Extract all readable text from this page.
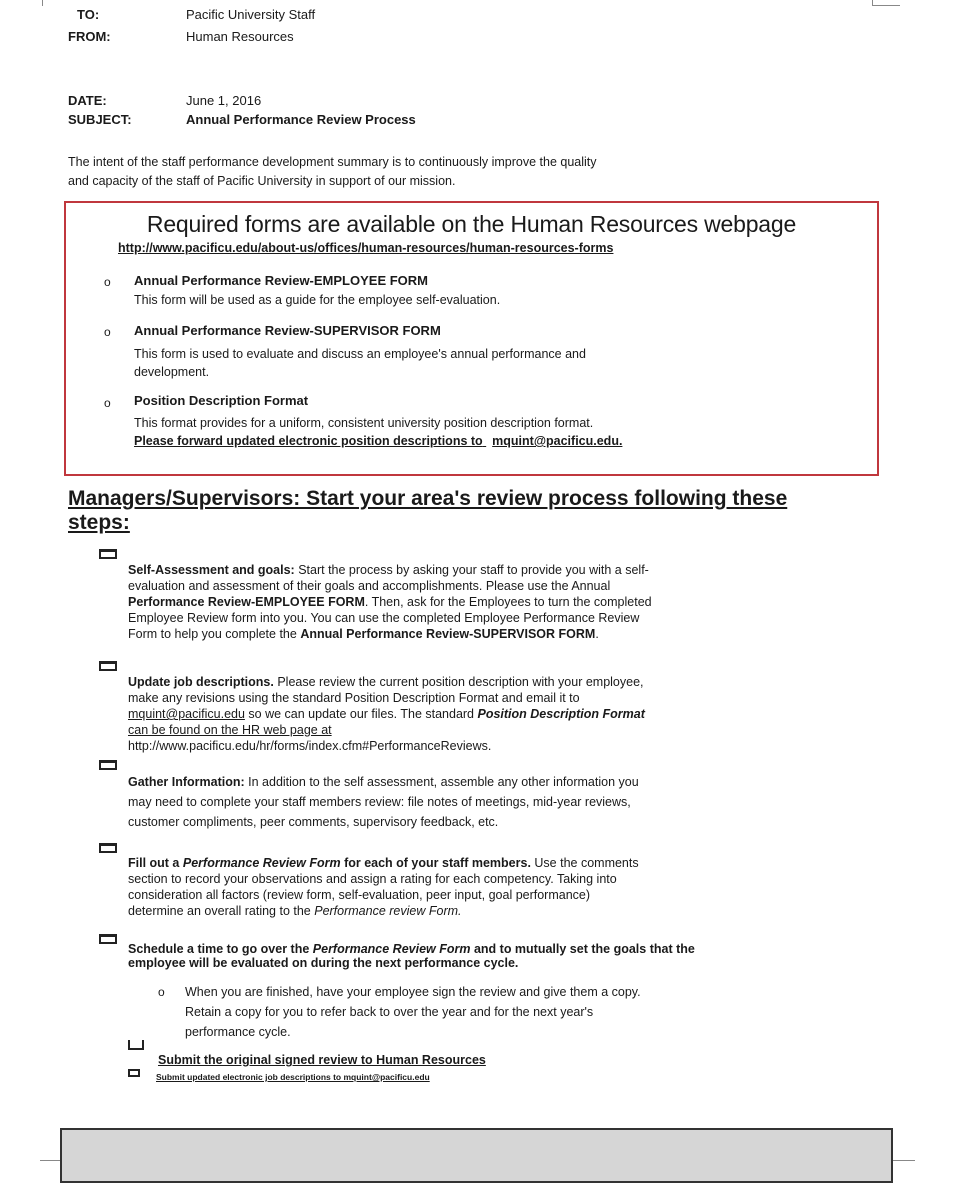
TO:	Pacific University Staff
FROM:	Human Resources
DATE:	June 1, 2016
SUBJECT:	Annual Performance Review Process
The intent of the staff performance development summary is to continuously improve the quality
and capacity of the staff of Pacific University in support of our mission.
Required forms are available on the Human Resources webpage
http://www.pacificu.edu/about-us/offices/human-resources/human-resources-forms
o Annual Performance Review-EMPLOYEE FORM
This form will be used as a guide for the employee self-evaluation.
o Annual Performance Review-SUPERVISOR FORM
This form is used to evaluate and discuss an employee's annual performance and
development.
o Position Description Format
This format provides for a uniform, consistent university position description format.
Please forward updated electronic position descriptions to mquint@pacificu.edu.
Managers/Supervisors: Start your area's review process following these
steps:
Self-Assessment and goals: Start the process by asking your staff to provide you with a self-
evaluation and assessment of their goals and accomplishments. Please use the Annual
Performance Review-EMPLOYEE FORM. Then, ask for the Employees to turn the completed
Employee Review form into you. You can use the completed Employee Performance Review
Form to help you complete the Annual Performance Review-SUPERVISOR FORM.
Update job descriptions. Please review the current position description with your employee,
make any revisions using the standard Position Description Format and email it to
mquint@pacificu.edu so we can update our files. The standard Position Description Format
can be found on the HR web page at
http://www.pacificu.edu/hr/forms/index.cfm#PerformanceReviews.
Gather Information: In addition to the self assessment, assemble any other information you
may need to complete your staff members review: file notes of meetings, mid-year reviews,
customer compliments, peer comments, supervisory feedback, etc.
Fill out a Performance Review Form for each of your staff members. Use the comments
section to record your observations and assign a rating for each competency. Taking into
consideration all factors (review form, self-evaluation, peer input, goal performance)
determine an overall rating to the Performance review Form.
Schedule a time to go over the Performance Review Form and to mutually set the goals that the
employee will be evaluated on during the next performance cycle.
o When you are finished, have your employee sign the review and give them a copy.
Retain a copy for you to refer back to over the year and for the next year's
performance cycle.
Submit the original signed review to Human Resources
Submit updated electronic job descriptions to mquint@pacificu.edu
